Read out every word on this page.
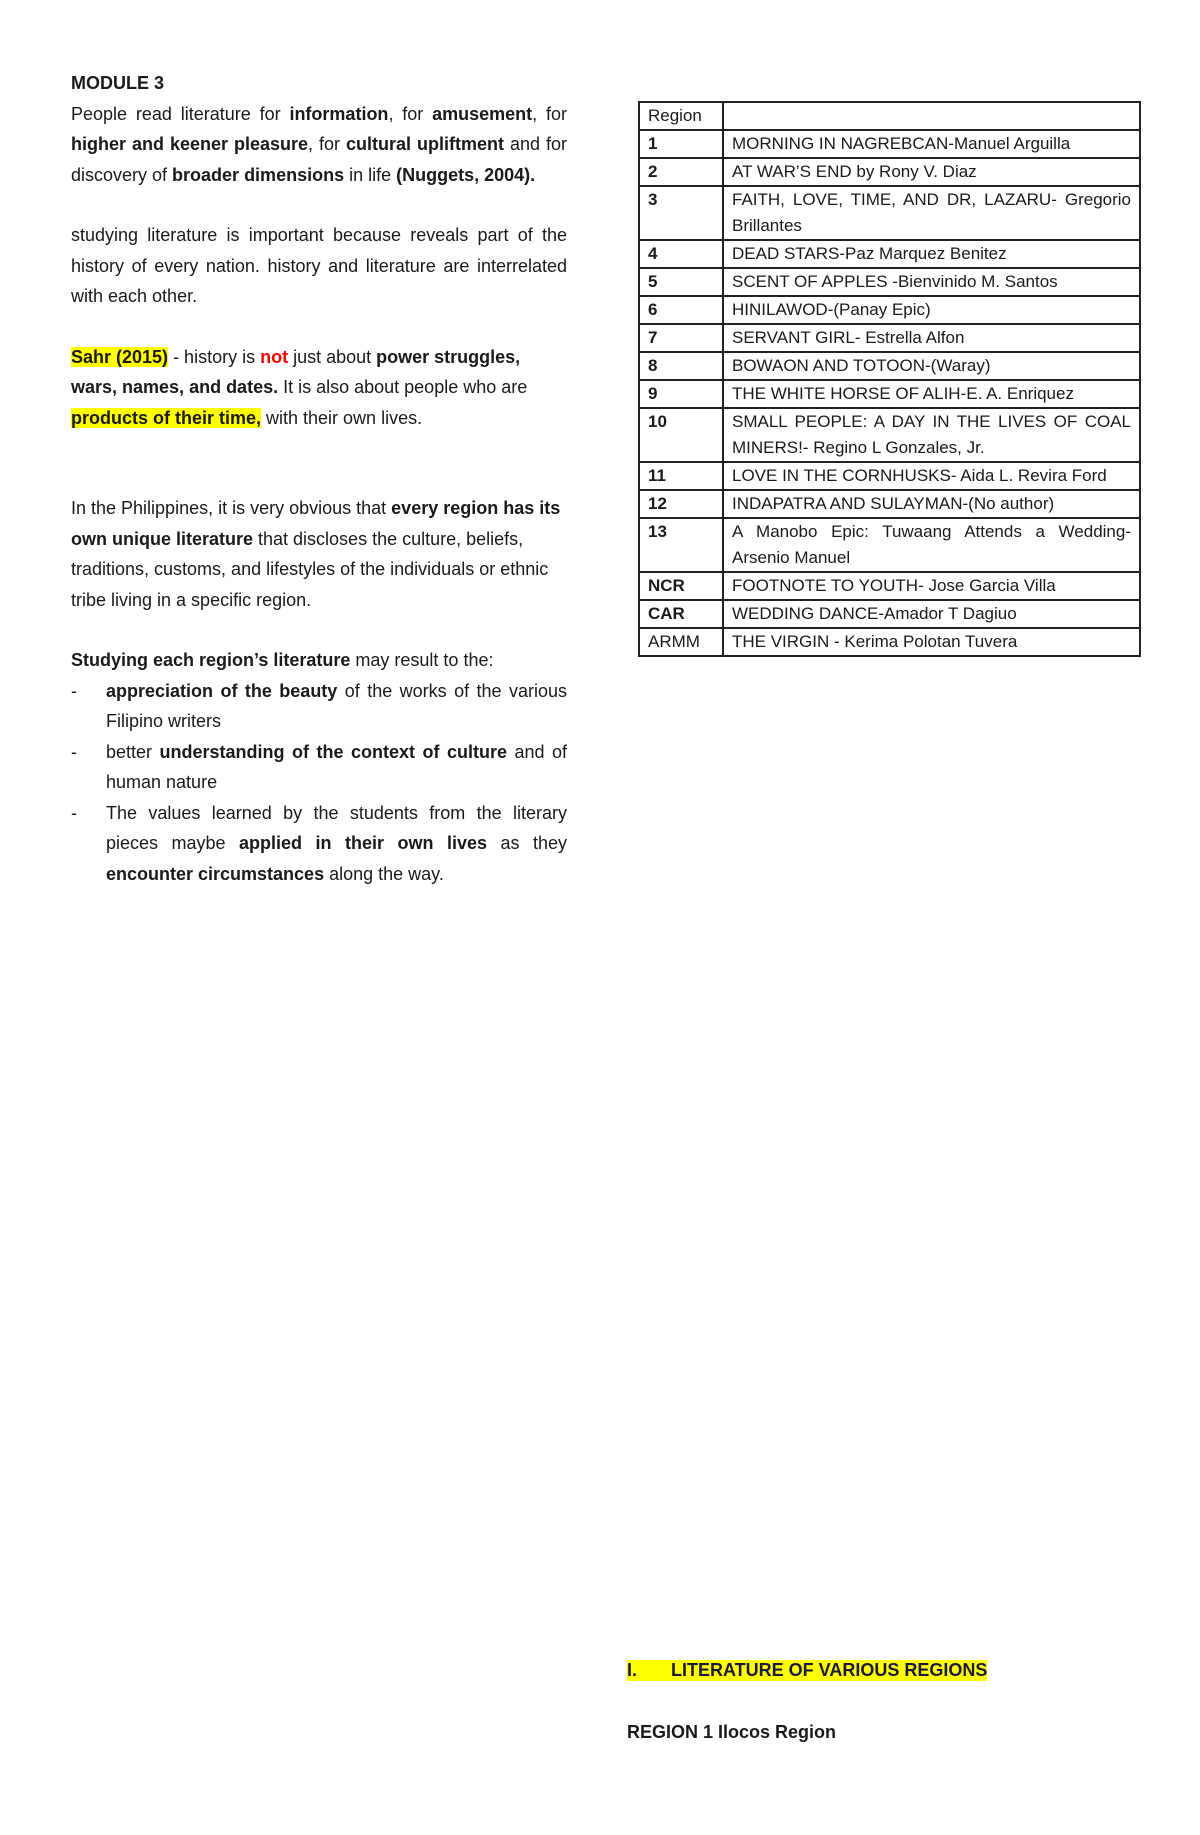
MODULE 3

People read literature for information, for amusement, for higher and keener pleasure, for cultural upliftment and for discovery of broader dimensions in life (Nuggets, 2004).

studying literature is important because reveals part of the history of every nation. history and literature are interrelated with each other.

Sahr (2015) - history is not just about power struggles, wars, names, and dates. It is also about people who are products of their time, with their own lives.

In the Philippines, it is very obvious that every region has its own unique literature that discloses the culture, beliefs, traditions, customs, and lifestyles of the individuals or ethnic tribe living in a specific region.

Studying each region’s literature may result to the:

- appreciation of the beauty of the works of the various Filipino writers
- better understanding of the context of culture and of human nature
- The values learned by the students from the literary pieces maybe applied in their own lives as they encounter circumstances along the way.
Region	
1	MORNING IN NAGREBCAN-Manuel Arguilla
2	AT WAR’S END by Rony V. Diaz
3	FAITH, LOVE, TIME, AND DR, LAZARU- Gregorio Brillantes
4	DEAD STARS-Paz Marquez Benitez
5	SCENT OF APPLES -Bienvinido M. Santos
6	HINILAWOD-(Panay Epic)
7	SERVANT GIRL- Estrella Alfon
8	BOWAON AND TOTOON-(Waray)
9	THE WHITE HORSE OF ALIH-E. A. Enriquez
10	SMALL PEOPLE: A DAY IN THE LIVES OF COAL MINERS!- Regino L Gonzales, Jr.
11	LOVE IN THE CORNHUSKS- Aida L. Revira Ford
12	INDAPATRA AND SULAYMAN-(No author)
13	A Manobo Epic: Tuwaang Attends a Wedding- Arsenio Manuel
NCR	FOOTNOTE TO YOUTH- Jose Garcia Villa
CAR	WEDDING DANCE-Amador T Dagiuo
ARMM	THE VIRGIN - Kerima Polotan Tuvera
I. LITERATURE OF VARIOUS REGIONS
REGION 1 Ilocos Region
